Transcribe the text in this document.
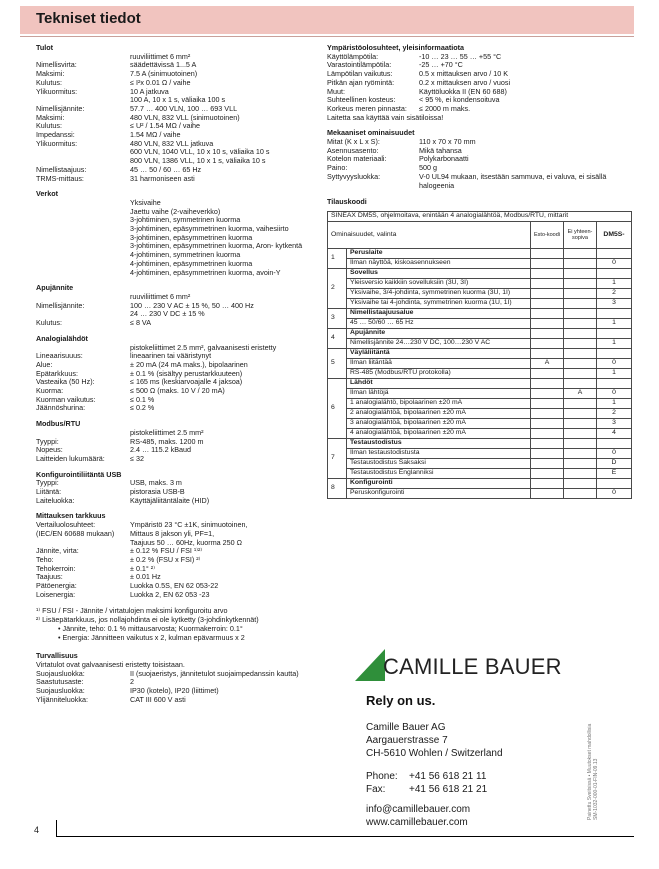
Tekniset tiedot
Tulot
ruuviliittimet 6 mm²
Nimellisvirta:	säädettävissä 1...5 A
Maksimi:	7.5 A (sinimuotoinen)
Kulutus:	≤ I²x 0.01 Ω / vaihe
Ylikuormitus:	10 A jatkuva
100 A, 10 x 1 s, väliaika 100 s
Nimellisjännite:	57.7 … 400 VLN, 100 … 693 VLL
Maksimi:	480 VLN, 832 VLL (sinimuotoinen)
Kulutus:	≤ U² / 1.54 MΩ / vaihe
Impedanssi:	1.54 MΩ / vaihe
Ylikuormitus:	480 VLN, 832 VLL jatkuva
600 VLN, 1040 VLL, 10 x 10 s, väliaika 10 s
800 VLN, 1386 VLL, 10 x 1 s, väliaika 10 s
Nimellistaajuus:	45 … 50 / 60 … 65 Hz
TRMS-mittaus:	31 harmoniseen asti
Verkot
Yksivaihe
Jaettu vaihe (2-vaiheverkko)
3-johtiminen, symmetrinen kuorma
3-johtiminen, epäsymmetrinen kuorma, vaihesiirto
3-johtiminen, epäsymmetrinen kuorma
3-johtiminen, epäsymmetrinen kuorma, Aron- kytkentä
4-johtiminen, symmetrinen kuorma
4-johtiminen, epäsymmetrinen kuorma
4-johtiminen, epäsymmetrinen kuorma, avoin-Y
Apujännite
ruuviliittimet 6 mm²
Nimellisjännite:	100 … 230 V AC ± 15 %, 50 … 400 Hz
24 … 230 V DC ± 15 %
Kulutus:	≤ 8 VA
Analogialähdöt
pistokeliittimet 2.5 mm², galvaanisesti eristetty
Lineaarisuuus:	lineaarinen tai vääristynyt
Alue:	± 20 mA (24 mA maks.), bipolaarinen
Epätarkkuus:	± 0.1 % (sisältyy perustarkkuuteen)
Vasteaika (50 Hz):	≤ 165 ms (keskiarvoajalle 4 jaksoa)
Kuorma:	≤ 500 Ω (maks. 10 V / 20 mA)
Kuorman vaikutus:	≤ 0.1 %
Jäännöshurina:	≤ 0.2 %
Modbus/RTU
pistokeliittimet 2.5 mm²
Tyyppi:	RS-485, maks. 1200 m
Nopeus:	2.4 … 115.2 kBaud
Laitteiden lukumäärä:	≤ 32
Konfigurointiliitäntä USB
Tyyppi:	USB, maks. 3 m
Liitäntä:	pistorasia USB-B
Laiteluokka:	Käyttäjäliitäntälaite (HID)
Mittauksen tarkkuus
Vertailuolosuhteet:	Ympäristö 23 °C ±1K, sinimuotoinen,
(IEC/EN 60688 mukaan)	Mittaus 8 jakson yli, PF=1,
Taajuus 50 … 60Hz, kuorma 250 Ω
Jännite, virta:	± 0.12 % FSU / FSI ¹⁾²⁾
Teho:	± 0.2 % (FSU x FSI) ²⁾
Tehokerroin:	± 0.1° ²⁾
Taajuus:	± 0.01 Hz
Pätöenergia:	Luokka 0.5S, EN 62 053-22
Loisenergia:	Luokka 2, EN 62 053 -23
¹⁾ FSU / FSI - Jännite / virtatulojen maksimi konfiguroitu arvo
²⁾ Lisäepätarkkuus, jos nollajohdinta ei ole kytketty (3-johdinkytkennät)
• Jännite, teho: 0.1 % mittausarvosta; Kuormakerroin: 0.1°
• Energia: Jännitteen vaikutus x 2, kulman epävarmuus x 2
Turvallisuus
Virtatulot ovat galvaanisesti eristetty toisistaan.
Suojausluokka:	II (suojaeristys, jännitetulot suojaimpedanssin kautta)
Saastutusaste:	2
Suojausluokka:	IP30 (kotelo), IP20 (liittimet)
Ylijänniteluokka:	CAT III 600 V asti
Ympäristöolosuhteet, yleisinformaatiota
Käyttölämpötila:	-10 … 23 … 55 … +55 °C
Varastointilämpötila:	-25 … +70 °C
Lämpötilan vaikutus:	0.5 x mittauksen arvo / 10 K
Pitkän ajan ryömintä:	0.2 x mittauksen arvo / vuosi
Muut:	Käyttöluokka II (EN 60 688)
Suhteellinen kosteus:	< 95 %, ei kondensoituva
Korkeus meren pinnasta:	≤ 2000 m maks.
Laitetta saa käyttää vain sisätiloissa!
Mekaaniset ominaisuudet
Mitat (K x L x S):	110 x 70 x 70 mm
Asennusasento:	Mikä tahansa
Kotelon materiaali:	Polykarbonaatti
Paino:	500 g
Syttyvyysluokka:	V-0 UL94 mukaan, itsestään sammuva, ei valuva, ei sisällä halogeenia
Tilauskoodi
SINEAX DM5S, ohjelmoitava, enintään 4 analogialähtöä, Modbus/RTU, mittarit				
Ominaisuudet, valinta		Esto-koodi	Ei yhteen-sopiva	DM5S-
1	Peruslaite			
	Ilman näyttöä, kiskoasennukseen			0
2	Sovellus			
	Yleisversio kaikkiin sovelluksiin (3U, 3I)			1
	Yksivaihe, 3/4-johdinta, symmetrinen kuorma (3U, 1I)			2
	Yksivaihe tai 4-johdinta, symmetrinen kuorma (1U, 1I)			3
3	Nimellistaajuusalue			
	45 … 50/60 … 65 Hz			1
4	Apujännite			
	Nimellisjännite 24…230 V DC, 100…230 V AC			1
5	Väyläliitäntä			
	Ilman liitäntää	A		0
	RS-485 (Modbus/RTU protokolla)			1
6	Lähdöt			
	Ilman lähtöjä		A	0
	1 analogialähtö, bipolaarinen ±20 mA			1
	2 analogialähtöä, bipolaarinen ±20 mA			2
	3 analogialähtöä, bipolaarinen ±20 mA			3
	4 analogialähtöä, bipolaarinen ±20 mA			4
7	Testaustodistus			
	Ilman testaustodistusta			0
	Testaustodistus Saksaksi			D
	Testaustodistus Englanniksi			E
8	Konfigurointi			
	Peruskonfigurointi			0
CAMILLE BAUER
Rely on us.
Camille Bauer AG
Aargauerstrasse 7
CH-5610 Wohlen / Switzerland
Phone: +41 56 618 21 11
Fax: +41 56 618 21 21
info@camillebauer.com
www.camillebauer.com
Painettu Sveitsissä • Muutokset mahdollisia SM-1032-000-01-FIN-09.13
4
